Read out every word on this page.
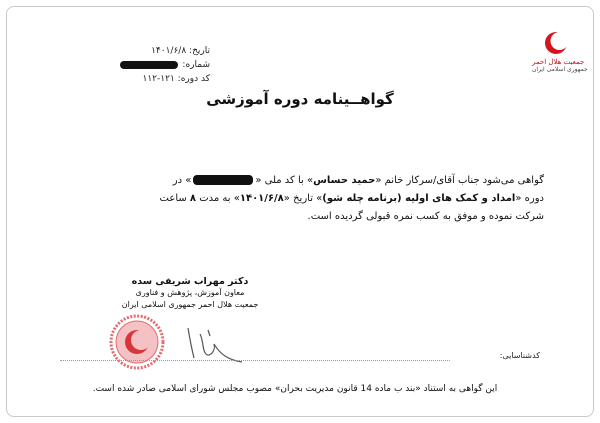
تاریخ: ۱۴۰۱/۶/۸
شماره:
کد دوره: ۱۲۱-۱۱۲
جمعیت هلال احمر
جمهوری اسلامی ایران
گواهــینامه دوره آموزشی
گواهی می‌شود جناب آقای/سرکار خانم «حمید حساس» با کد ملی «» در
دوره «امداد و کمک های اولیه (برنامه چله شو)» تاریخ «۱۴۰۱/۶/۸» به مدت ۸ ساعت
شرکت نموده و موفق به کسب نمره قبولی گردیده است.
دکتر مهراب شریفی سده
معاون آموزش، پژوهش و فناوری
جمعیت هلال احمر جمهوری اسلامی ایران
کدشناسایی:
این گواهی به استناد «بند ب ماده 14 قانون مدیریت بحران» مصوب مجلس شورای اسلامی صادر شده است.
